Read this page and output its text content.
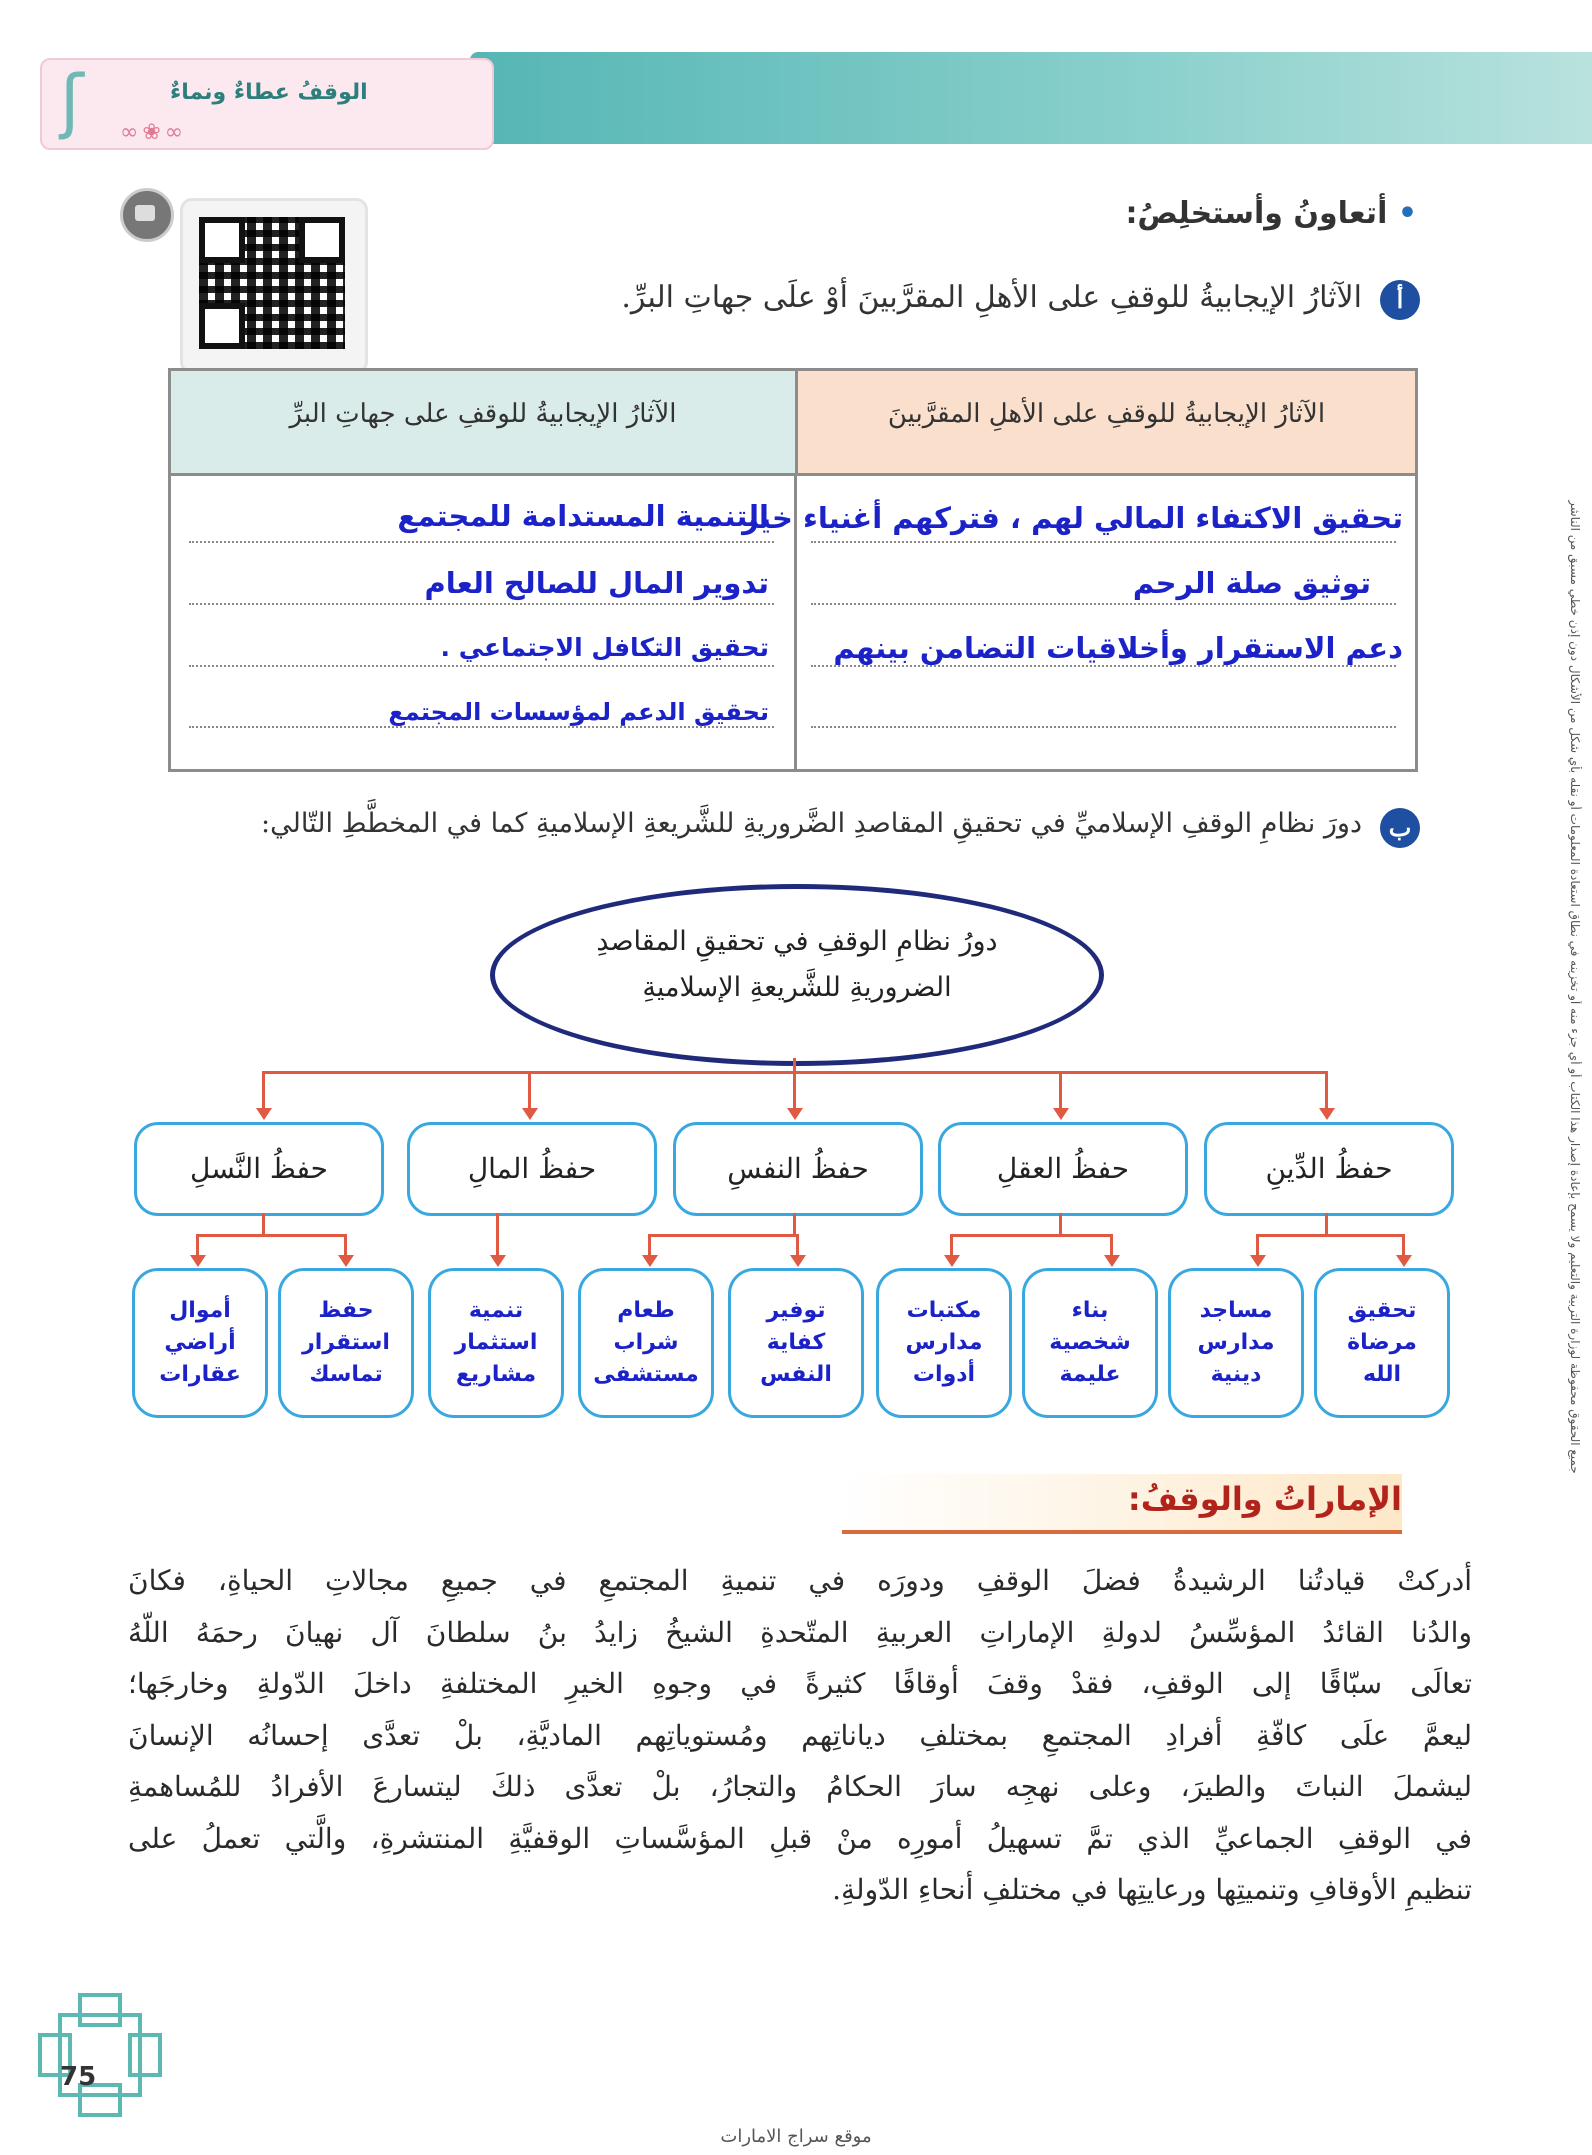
ʃ	الوقفُ عطاءٌ ونماءٌ
∞❀∞
• أتعاونُ وأستخلِصُ:
أ
الآثارُ الإيجابيةُ للوقفِ على الأهلِ المقرَّبينَ أوْ علَى جهاتِ البرِّ.
الآثارُ الإيجابيةُ للوقفِ على الأهلِ المقرَّبينَ
الآثارُ الإيجابيةُ للوقفِ على جهاتِ البرِّ
تحقيق الاكتفاء المالي لهم ، فتركهم أغنياء خير
توثيق صلة الرحم
دعم الاستقرار وأخلاقيات التضامن بينهم
التنمية المستدامة للمجتمع
تدوير المال للصالح العام
تحقيق التكافل الاجتماعي .
تحقيق الدعم لمؤسسات المجتمع
ب
دورَ نظامِ الوقفِ الإسلاميِّ في تحقيقِ المقاصدِ الضَّروريةِ للشَّريعةِ الإسلاميةِ كما في المخطَّطِ التّالي:
دورُ نظامِ الوقفِ في تحقيقِ المقاصدِ
الضروريةِ للشَّريعةِ الإسلاميةِ
حفظُ الدِّينِ
حفظُ العقلِ
حفظُ النفسِ
حفظُ المالِ
حفظُ النَّسلِ
تحقيق
مرضاة
الله
مساجد
مدارس
دينية
بناء
شخصية
عليمة
مكتبات
مدارس
أدوات
توفير
كفاية
النفس
طعام
شراب
مستشفى
تنمية
استثمار
مشاريع
حفظ
استقرار
تماسك
أموال
أراضي
عقارات
الإماراتُ والوقفُ:
أدركتْ قيادتُنا الرشيدةُ فضلَ الوقفِ ودورَه في تنميةِ المجتمعِ في جميعِ مجالاتِ الحياةِ، فكانَ
والدُنا القائدُ المؤسِّسُ لدولةِ الإماراتِ العربيةِ المتّحدةِ الشيخُ زايدُ بنُ سلطانَ آل نهيانَ رحمَهُ اللّهُ
تعالَى سبّاقًا إلى الوقفِ، فقدْ وقفَ أوقافًا كثيرةً في وجوهِ الخيرِ المختلفةِ داخلَ الدّولةِ وخارجَها؛
ليعمَّ علَى كافّةِ أفرادِ المجتمعِ بمختلفِ دياناتِهم ومُستوياتِهم الماديَّةِ، بلْ تعدَّى إحسانُه الإنسانَ
ليشملَ النباتَ والطيرَ، وعلى نهجِه سارَ الحكامُ والتجارُ، بلْ تعدَّى ذلكَ ليتسارعَ الأفرادُ للمُساهمةِ
في الوقفِ الجماعيِّ الذي تمَّ تسهيلُ أمورِه منْ قبلِ المؤسَّساتِ الوقفيَّةِ المنتشرةِ، والَّتي تعملُ على
تنظيمِ الأوقافِ وتنميتِها ورعايتِها في مختلفِ أنحاءِ الدّولةِ.
جميع الحقوق محفوظة لوزارة التربية والتعليم ولا يسمح بإعادة إصدار هذا الكتاب أو أي جزء منه أو تخزينه في نطاق استعادة المعلومات أو نقله بأي شكل من الأشكال دون إذن خطي مسبق من الناشر
75
موقع سراج الامارات
